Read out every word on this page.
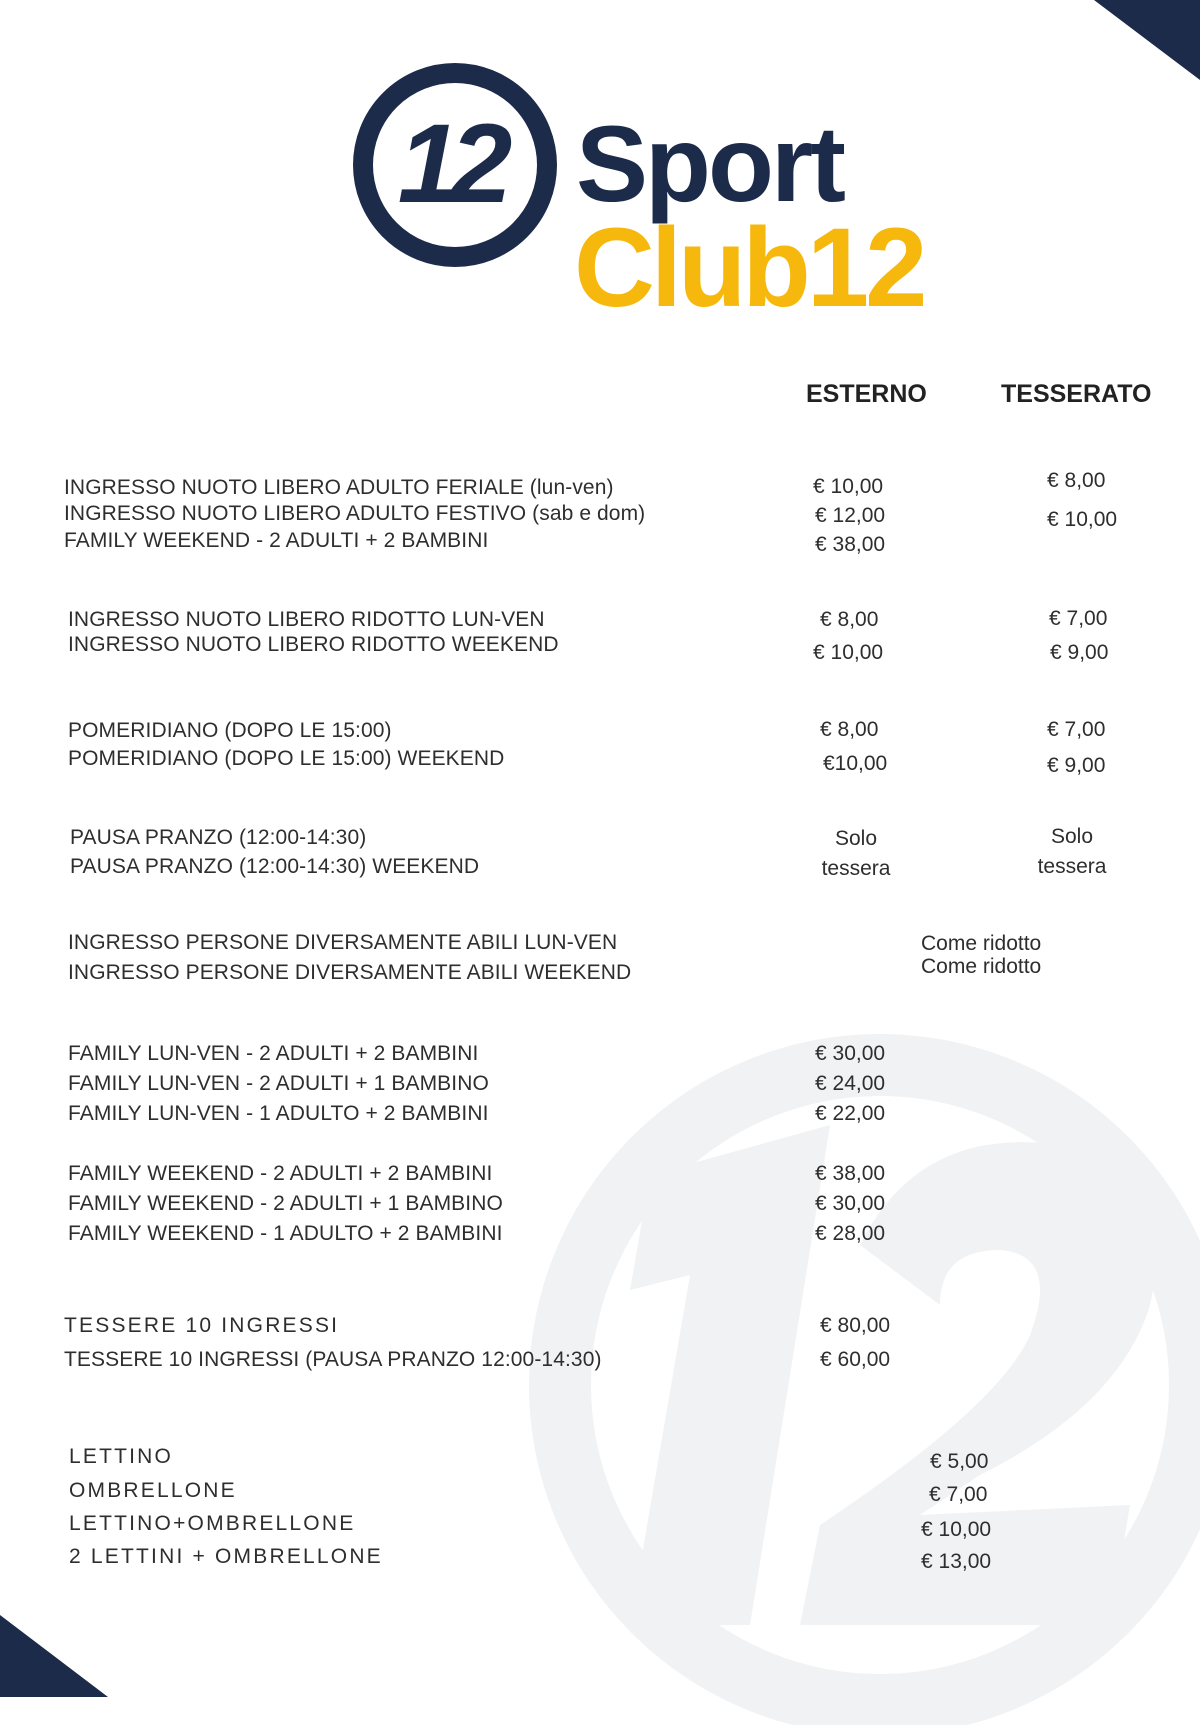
12 Sport
Club12
ESTERNO	TESSERATO
INGRESSO NUOTO LIBERO ADULTO FERIALE (lun-ven)
INGRESSO NUOTO LIBERO ADULTO FESTIVO (sab e dom)
FAMILY WEEKEND - 2 ADULTI + 2 BAMBINI
€ 10,00
€ 12,00
€ 38,00
€ 8,00
€ 10,00
INGRESSO NUOTO LIBERO RIDOTTO LUN-VEN
INGRESSO NUOTO LIBERO RIDOTTO WEEKEND
€ 8,00
€ 10,00
€ 7,00
€ 9,00
POMERIDIANO (DOPO LE 15:00)
POMERIDIANO (DOPO LE 15:00) WEEKEND
€ 8,00
€10,00
€ 7,00
€ 9,00
PAUSA PRANZO (12:00-14:30)
PAUSA PRANZO (12:00-14:30) WEEKEND
Solo
tessera
Solo
tessera
INGRESSO PERSONE DIVERSAMENTE ABILI LUN-VEN
INGRESSO PERSONE DIVERSAMENTE ABILI WEEKEND
Come ridotto
Come ridotto
FAMILY LUN-VEN - 2 ADULTI + 2 BAMBINI
FAMILY LUN-VEN - 2 ADULTI + 1 BAMBINO
FAMILY LUN-VEN - 1 ADULTO + 2 BAMBINI
€ 30,00
€ 24,00
€ 22,00
FAMILY WEEKEND - 2 ADULTI + 2 BAMBINI
FAMILY WEEKEND - 2 ADULTI + 1 BAMBINO
FAMILY WEEKEND - 1 ADULTO + 2 BAMBINI
€ 38,00
€ 30,00
€ 28,00
TESSERE 10 INGRESSI
TESSERE 10 INGRESSI (PAUSA PRANZO 12:00-14:30)
€ 80,00
€ 60,00
LETTINO
OMBRELLONE
LETTINO+OMBRELLONE
2 LETTINI + OMBRELLONE
€ 5,00
€ 7,00
€ 10,00
€ 13,00
